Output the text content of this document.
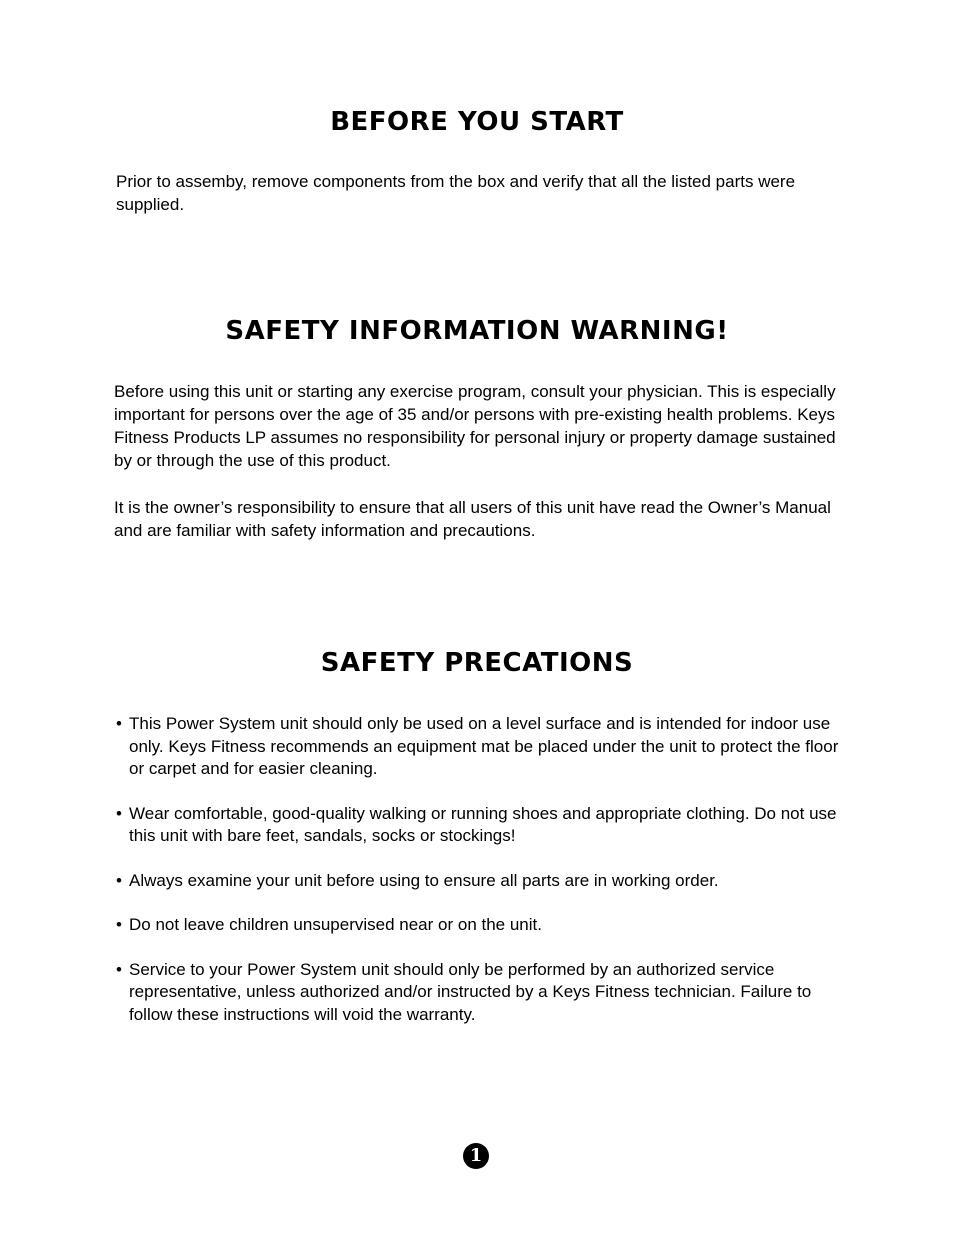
BEFORE YOU START

Prior to assemby, remove components from the box and verify that all the listed parts were supplied.

SAFETY INFORMATION WARNING!

Before using this unit or starting any exercise program, consult your physician. This is especially important for persons over the age of 35 and/or persons with pre-existing health problems. Keys Fitness Products LP assumes no responsibility for personal injury or property damage sustained by or through the use of this product.

It is the owner’s responsibility to ensure that all users of this unit have read the Owner’s Manual and are familiar with safety information and precautions.

SAFETY PRECATIONS
• This Power System unit should only be used on a level surface and is intended for indoor use only. Keys Fitness recommends an equipment mat be placed under the unit to protect the floor or carpet and for easier cleaning.
• Wear comfortable, good-quality walking or running shoes and appropriate clothing. Do not use this unit with bare feet, sandals, socks or stockings!
• Always examine your unit before using to ensure all parts are in working order.
• Do not leave children unsupervised near or on the unit.
• Service to your Power System unit should only be performed by an authorized service representative, unless authorized and/or instructed by a Keys Fitness technician. Failure to follow these instructions will void the warranty.
1
